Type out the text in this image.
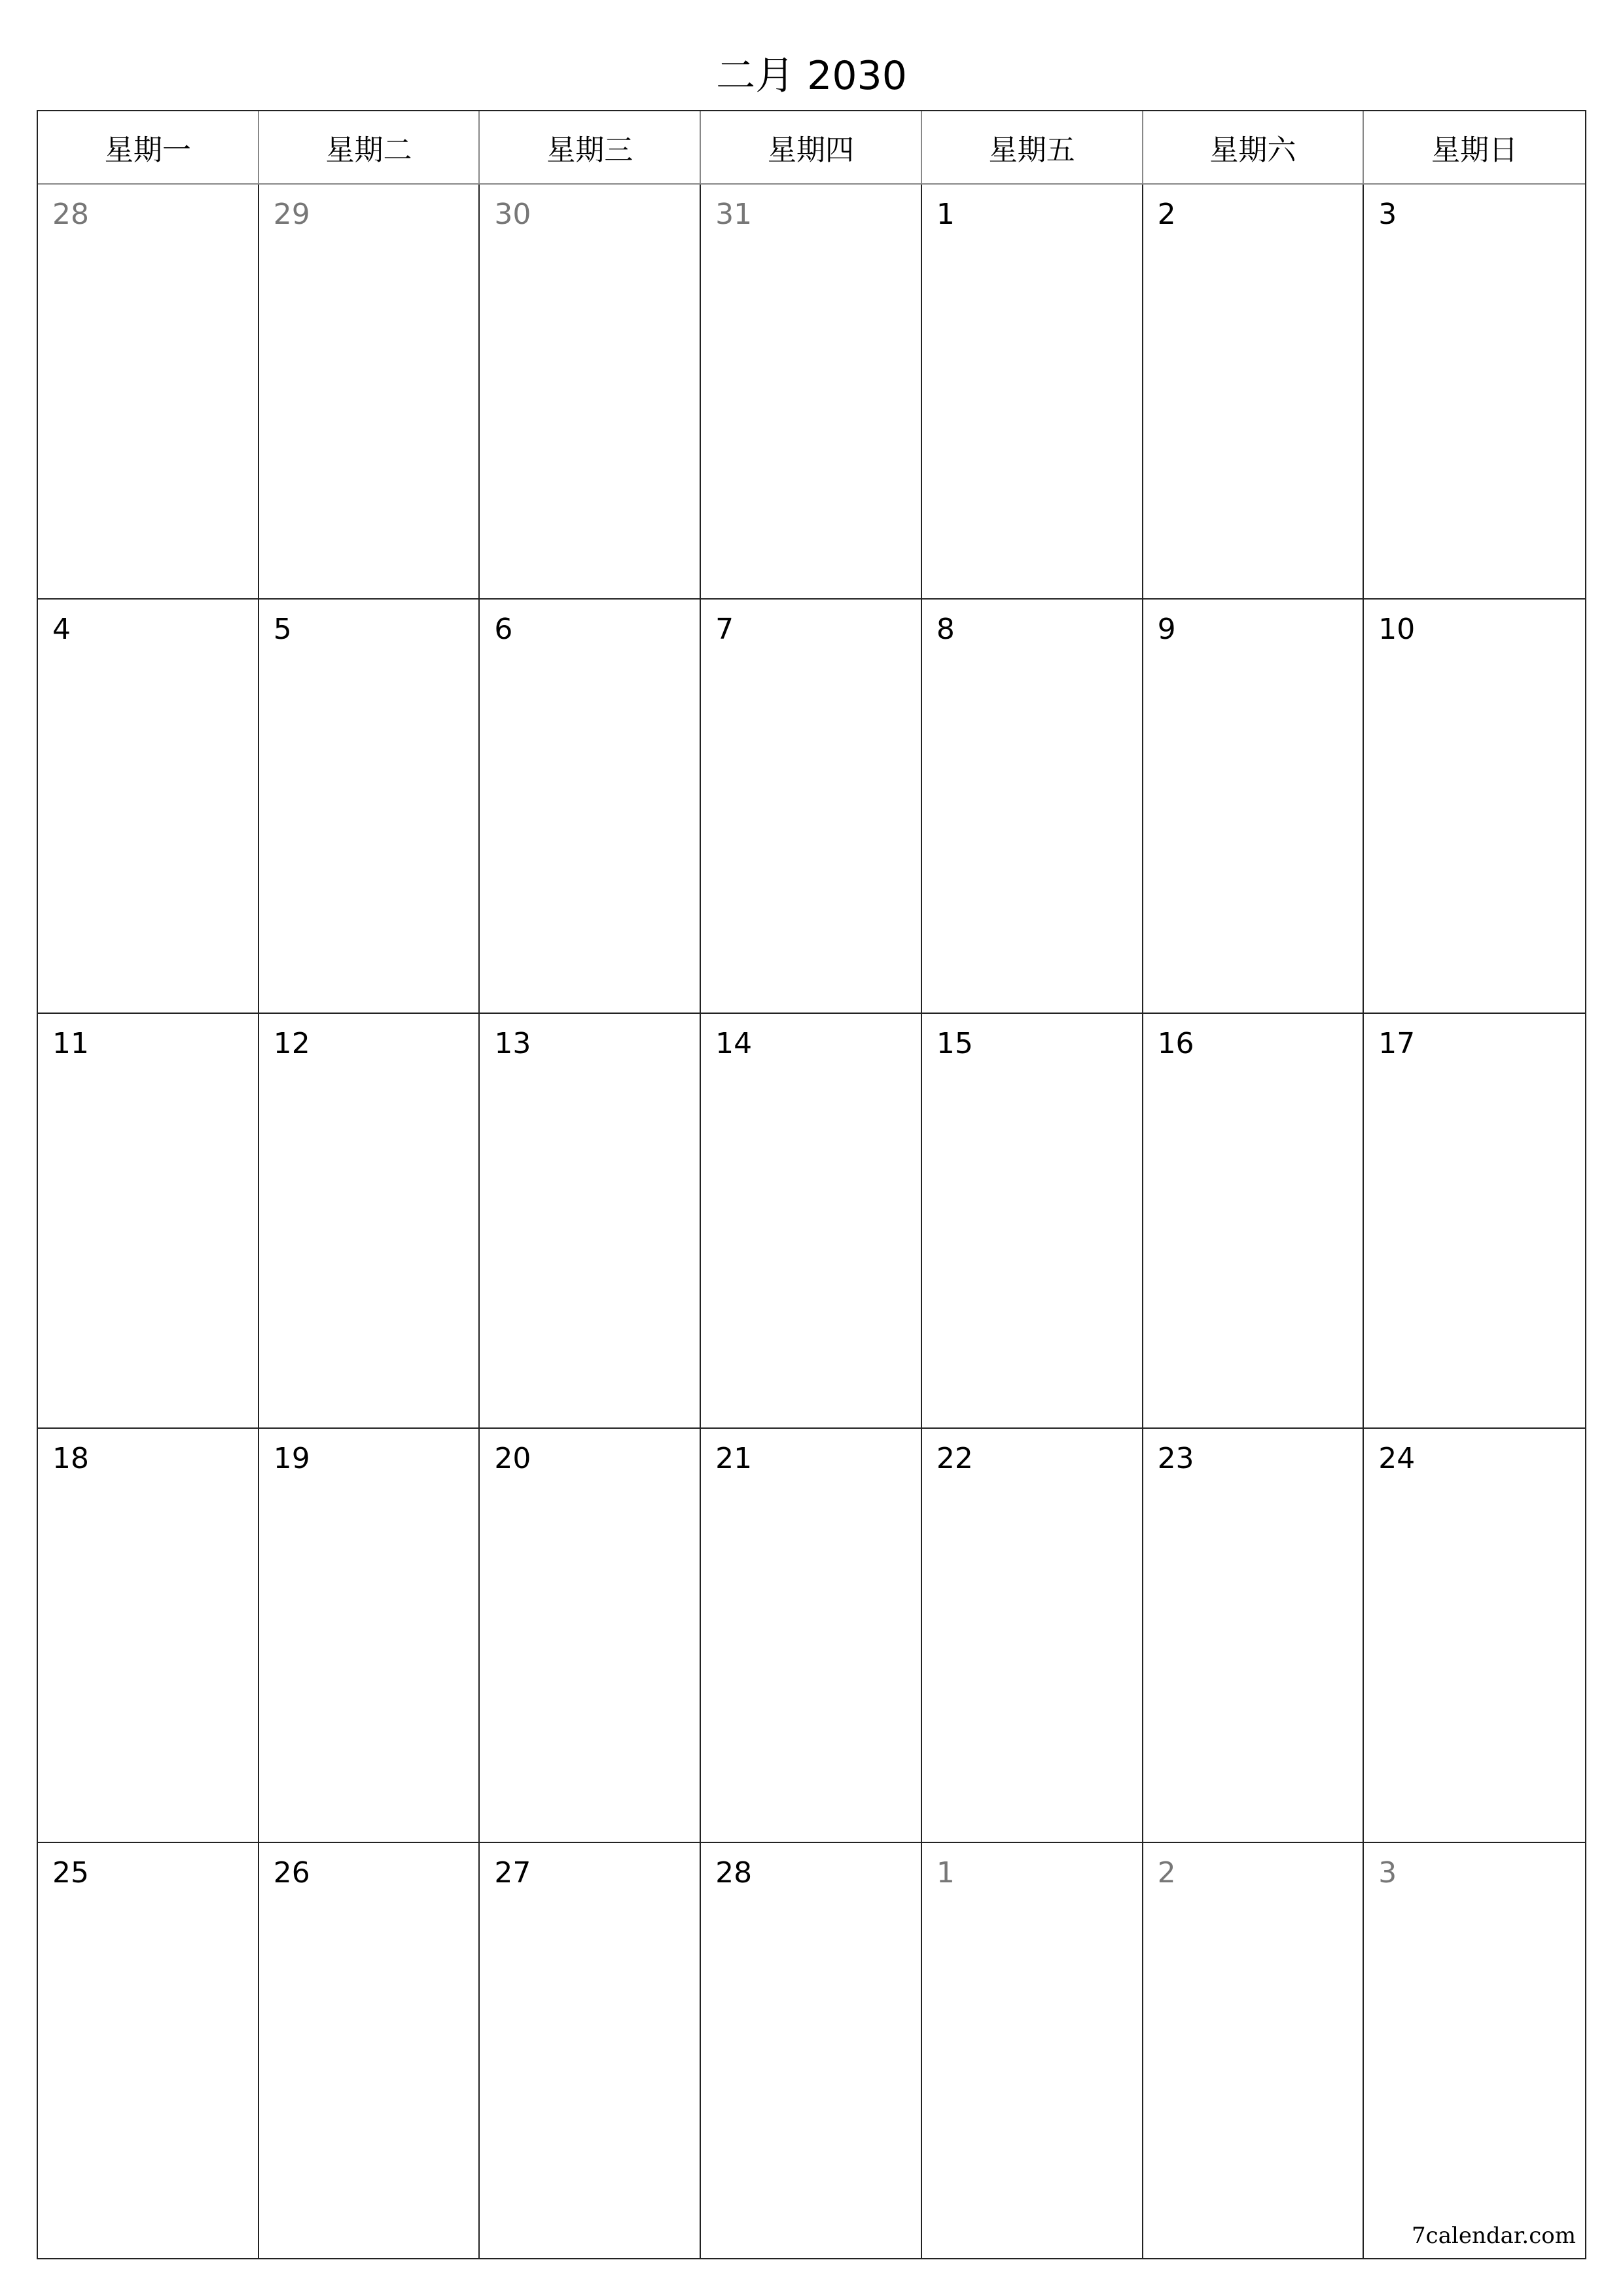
二月 2030
星期一	星期二	星期三	星期四	星期五	星期六	星期日
28	29	30	31	1	2	3
4	5	6	7	8	9	10
11	12	13	14	15	16	17
18	19	20	21	22	23	24
25	26	27	28	1	2	3
7calendar.com
